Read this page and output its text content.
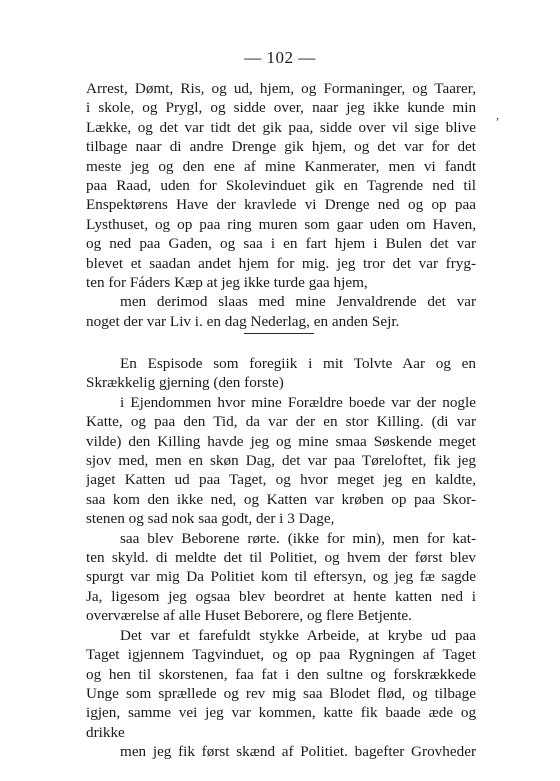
— 102 —
,
Arrest, Dømt, Ris, og ud, hjem, og Formaninger, og Taarer,
i skole, og Prygl, og sidde over, naar jeg ikke kunde min
Lække, og det var tidt det gik paa, sidde over vil sige blive
tilbage naar di andre Drenge gik hjem, og det var for det
meste jeg og den ene af mine Kanmerater, men vi fandt
paa Raad, uden for Skolevinduet gik en Tagrende ned til
Enspektørens Have der kravlede vi Drenge ned og op paa
Lysthuset, og op paa ring muren som gaar uden om Haven,
og ned paa Gaden, og saa i en fart hjem i Bulen det var
blevet et saadan andet hjem for mig. jeg tror det var fryg-
ten for Fáders Kæp at jeg ikke turde gaa hjem,
men derimod slaas med mine Jenvaldrende det var
noget der var Liv i. en dag Nederlag, en anden Sejr.
En Espisode som foregiik i mit Tolvte Aar og en
Skrækkelig gjerning (den forste)
i Ejendommen hvor mine Forældre boede var der nogle
Katte, og paa den Tid, da var der en stor Killing. (di var
vilde) den Killing havde jeg og mine smaa Søskende meget
sjov med, men en skøn Dag, det var paa Tøreloftet, fik jeg
jaget Katten ud paa Taget, og hvor meget jeg en kaldte,
saa kom den ikke ned, og Katten var krøben op paa Skor-
stenen og sad nok saa godt, der i 3 Dage,
saa blev Beborene rørte. (ikke for min), men for kat-
ten skyld. di meldte det til Politiet, og hvem der først blev
spurgt var mig Da Politiet kom til eftersyn, og jeg fæ sagde
Ja, ligesom jeg ogsaa blev beordret at hente katten ned i
overværelse af alle Huset Beborere, og flere Betjente.
Det var et farefuldt stykke Arbeide, at krybe ud paa
Taget igjennem Tagvinduet, og op paa Rygningen af Taget
og hen til skorstenen, faa fat i den sultne og forskrækkede
Unge som sprællede og rev mig saa Blodet flød, og tilbage
igjen, samme vei jeg var kommen, katte fik baade æde og
drikke
men jeg fik først skænd af Politiet. bagefter Grovheder
